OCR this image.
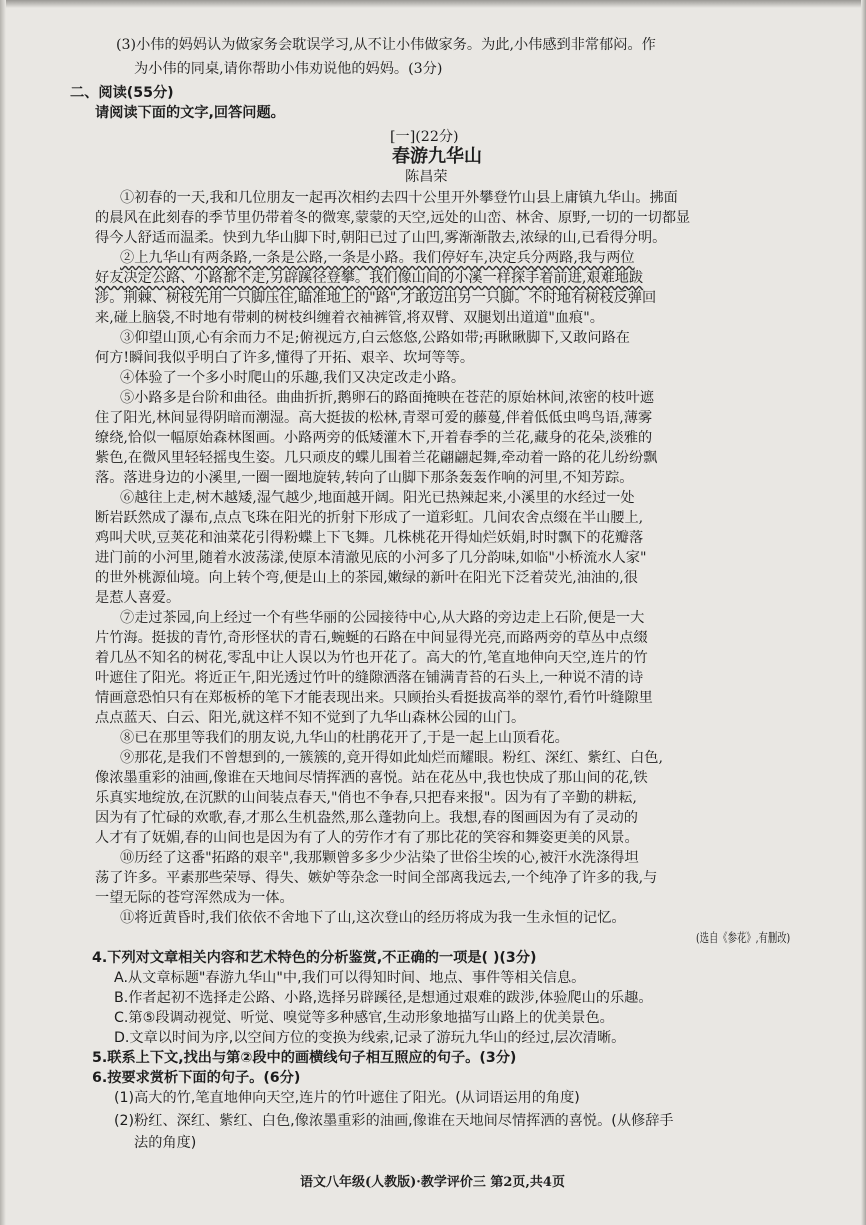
(3)小伟的妈妈认为做家务会耽误学习,从不让小伟做家务。为此,小伟感到非常郁闷。作
为小伟的同桌,请你帮助小伟劝说他的妈妈。(3分)
二、阅读(55分)
请阅读下面的文字,回答问题。
[一](22分)
春游九华山
陈昌荣
①初春的一天,我和几位朋友一起再次相约去四十公里开外攀登竹山县上庸镇九华山。拂面
的晨风在此刻春的季节里仍带着冬的微寒,蒙蒙的天空,远处的山峦、林舍、原野,一切的一切都显
得今人舒适而温柔。快到九华山脚下时,朝阳已过了山凹,雾渐渐散去,浓绿的山,已看得分明。
②上九华山有两条路,一条是公路,一条是小路。我们停好车,决定兵分两路,我与两位
好友决定公路、小路都不走,另辟蹊径登攀。我们像山间的小溪一样探手着前进,艰难地跋
涉。荆棘、树枝先用一只脚压住,瞄准地上的"路",才敢迈出另一只脚。不时地有树枝反弹回
来,碰上脑袋,不时地有带刺的树枝纠缠着衣袖裤管,将双臂、双腿划出道道"血痕"。
③仰望山顶,心有余而力不足;俯视远方,白云悠悠,公路如带;再瞅瞅脚下,又敢问路在
何方!瞬间我似乎明白了许多,懂得了开拓、艰辛、坎坷等等。
④体验了一个多小时爬山的乐趣,我们又决定改走小路。
⑤小路多是台阶和曲径。曲曲折折,鹅卵石的路面掩映在苍茫的原始林间,浓密的枝叶遮
住了阳光,林间显得阴暗而潮湿。高大挺拔的松林,青翠可爱的藤蔓,伴着低低虫鸣鸟语,薄雾
缭绕,恰似一幅原始森林图画。小路两旁的低矮灌木下,开着春季的兰花,藏身的花朵,淡雅的
紫色,在微风里轻轻摇曳生姿。几只顽皮的蝶儿围着兰花翩翩起舞,牵动着一路的花儿纷纷飘
落。落进身边的小溪里,一圈一圈地旋转,转向了山脚下那条轰轰作响的河里,不知芳踪。
⑥越往上走,树木越矮,湿气越少,地面越开阔。阳光已热辣起来,小溪里的水经过一处
断岩跃然成了瀑布,点点飞珠在阳光的折射下形成了一道彩虹。几间农舍点缀在半山腰上,
鸡叫犬吠,豆荚花和油菜花引得粉蝶上下飞舞。几株桃花开得灿烂妖娟,时时飘下的花瓣落
进门前的小河里,随着水波荡漾,使原本清澈见底的小河多了几分韵味,如临"小桥流水人家"
的世外桃源仙境。向上转个弯,便是山上的茶园,嫩绿的新叶在阳光下泛着荧光,油油的,很
是惹人喜爱。
⑦走过茶园,向上经过一个有些华丽的公园接待中心,从大路的旁边走上石阶,便是一大
片竹海。挺拔的青竹,奇形怪状的青石,蜿蜒的石路在中间显得光亮,而路两旁的草丛中点缀
着几丛不知名的树花,零乱中让人误以为竹也开花了。高大的竹,笔直地伸向天空,连片的竹
叶遮住了阳光。将近正午,阳光透过竹叶的缝隙洒落在铺满青苔的石头上,一种说不清的诗
情画意恐怕只有在郑板桥的笔下才能表现出来。只顾抬头看挺拔高举的翠竹,看竹叶缝隙里
点点蓝天、白云、阳光,就这样不知不觉到了九华山森林公园的山门。
⑧已在那里等我们的朋友说,九华山的杜鹃花开了,于是一起上山顶看花。
⑨那花,是我们不曾想到的,一簇簇的,竟开得如此灿烂而耀眼。粉红、深红、紫红、白色,
像浓墨重彩的油画,像谁在天地间尽情挥洒的喜悦。站在花丛中,我也快成了那山间的花,铁
乐真实地绽放,在沉默的山间装点春天,"俏也不争春,只把春来报"。因为有了辛勤的耕耘,
因为有了忙碌的欢歌,春,才那么生机盎然,那么蓬勃向上。我想,春的图画因为有了灵动的
人才有了妩媚,春的山间也是因为有了人的劳作才有了那比花的笑容和舞姿更美的风景。
⑩历经了这番"拓路的艰辛",我那颗曾多多少少沾染了世俗尘埃的心,被汗水洗涤得坦
荡了许多。平素那些荣辱、得失、嫉妒等杂念一时间全部离我远去,一个纯净了许多的我,与
一望无际的苍穹浑然成为一体。
⑪将近黄昏时,我们依依不舍地下了山,这次登山的经历将成为我一生永恒的记忆。
(选自《参花》,有删改)
4.下列对文章相关内容和艺术特色的分析鉴赏,不正确的一项是( )(3分)
A.从文章标题"春游九华山"中,我们可以得知时间、地点、事件等相关信息。
B.作者起初不选择走公路、小路,选择另辟蹊径,是想通过艰难的跋涉,体验爬山的乐趣。
C.第⑤段调动视觉、听觉、嗅觉等多种感官,生动形象地描写山路上的优美景色。
D.文章以时间为序,以空间方位的变换为线索,记录了游玩九华山的经过,层次清晰。
5.联系上下文,找出与第②段中的画横线句子相互照应的句子。(3分)
6.按要求赏析下面的句子。(6分)
(1)高大的竹,笔直地伸向天空,连片的竹叶遮住了阳光。(从词语运用的角度)
(2)粉红、深红、紫红、白色,像浓墨重彩的油画,像谁在天地间尽情挥洒的喜悦。(从修辞手
法的角度)
语文八年级(人教版)·教学评价三 第2页,共4页
